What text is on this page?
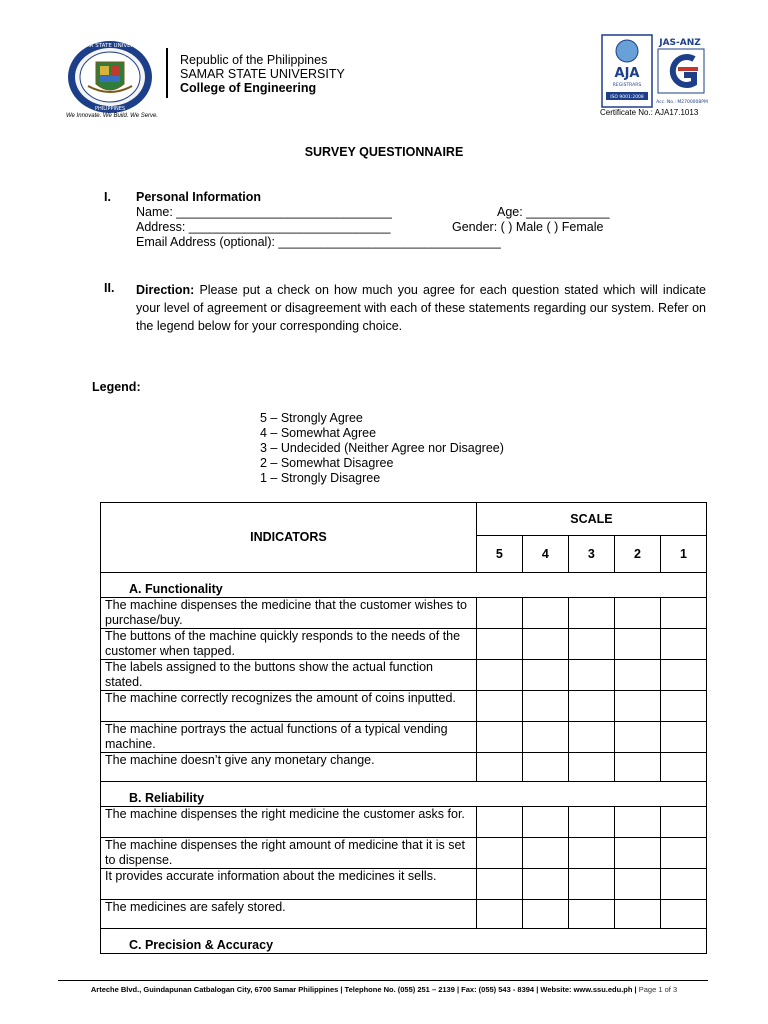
SAMAR STATE UNIVERSITY
PHILIPPINES
We Innovate. We Build. We Serve.
Republic of the Philippines
SAMAR STATE UNIVERSITY
College of Engineering
AJA
REGISTRARS
ISO 9001:2008
JAS-ANZ
Acc. No.: M2700008PM
Certificate No.: AJA17.1013
SURVEY QUESTIONNAIRE
I. Personal Information
Name: _______________________________	Age: ____________
Address: _____________________________	Gender: ( ) Male ( ) Female
Email Address (optional): ________________________________
II. Direction: Please put a check on how much you agree for each question stated which will indicate your level of agreement or disagreement with each of these statements regarding our system. Refer on the legend below for your corresponding choice.
Legend:
5 – Strongly Agree
4 – Somewhat Agree
3 – Undecided (Neither Agree nor Disagree)
2 – Somewhat Disagree
1 – Strongly Disagree
INDICATORS	SCALE				
	5	4	3	2	1
A. Functionality					
The machine dispenses the medicine that the customer wishes to purchase/buy.					
The buttons of the machine quickly responds to the needs of the customer when tapped.					
The labels assigned to the buttons show the actual function stated.					
The machine correctly recognizes the amount of coins inputted.					
The machine portrays the actual functions of a typical vending machine.					
The machine doesn’t give any monetary change.					
B. Reliability					
The machine dispenses the right medicine the customer asks for.					
The machine dispenses the right amount of medicine that it is set to dispense.					
It provides accurate information about the medicines it sells.					
The medicines are safely stored.					
C. Precision & Accuracy					
Arteche Blvd., Guindapunan Catbalogan City, 6700 Samar Philippines | Telephone No. (055) 251 – 2139 | Fax: (055) 543 - 8394 | Website: www.ssu.edu.ph | Page 1 of 3
